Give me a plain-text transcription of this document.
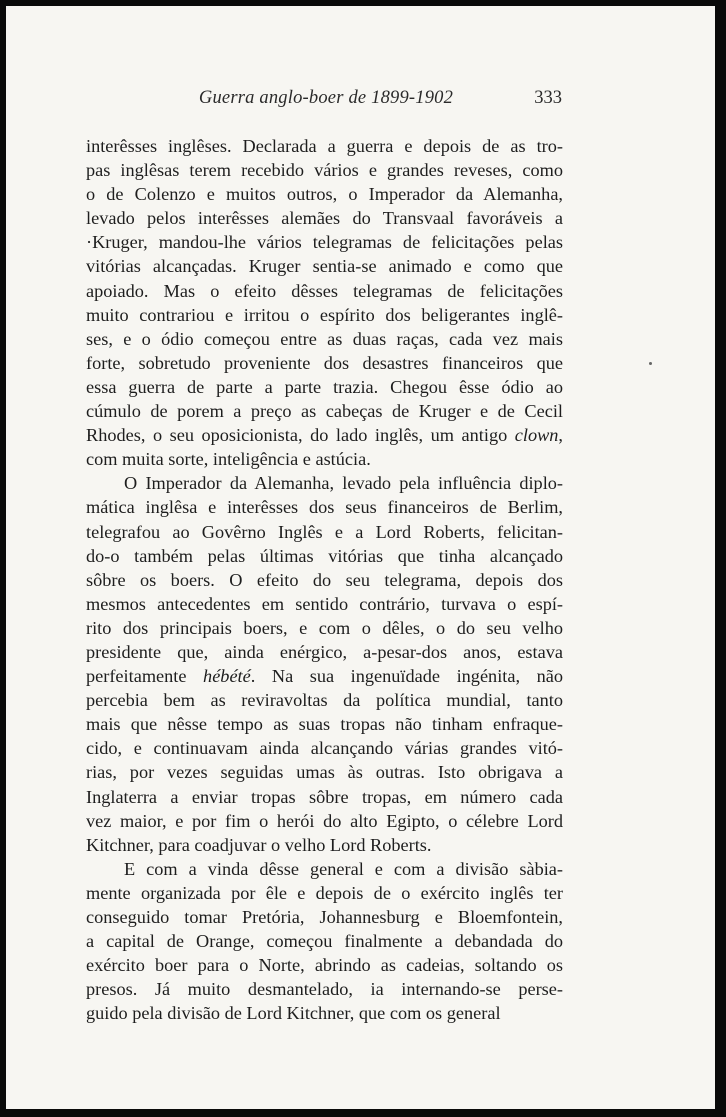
Guerra anglo-boer de 1899-1902	333
interêsses inglêses. Declarada a guerra e depois de as tro-
pas inglêsas terem recebido vários e grandes reveses, como
o de Colenzo e muitos outros, o Imperador da Alemanha,
levado pelos interêsses alemães do Transvaal favoráveis a
·Kruger, mandou-lhe vários telegramas de felicitações pelas
vitórias alcançadas. Kruger sentia-se animado e como que
apoiado. Mas o efeito dêsses telegramas de felicitações
muito contrariou e irritou o espírito dos beligerantes inglê-
ses, e o ódio começou entre as duas raças, cada vez mais
forte, sobretudo proveniente dos desastres financeiros que
essa guerra de parte a parte trazia. Chegou êsse ódio ao
cúmulo de porem a preço as cabeças de Kruger e de Cecil
Rhodes, o seu oposicionista, do lado inglês, um antigo clown,
com muita sorte, inteligência e astúcia.
O Imperador da Alemanha, levado pela influência diplo-
mática inglêsa e interêsses dos seus financeiros de Berlim,
telegrafou ao Govêrno Inglês e a Lord Roberts, felicitan-
do-o também pelas últimas vitórias que tinha alcançado
sôbre os boers. O efeito do seu telegrama, depois dos
mesmos antecedentes em sentido contrário, turvava o espí-
rito dos principais boers, e com o dêles, o do seu velho
presidente que, ainda enérgico, a-pesar-dos anos, estava
perfeitamente hébété. Na sua ingenuïdade ingénita, não
percebia bem as reviravoltas da política mundial, tanto
mais que nêsse tempo as suas tropas não tinham enfraque-
cido, e continuavam ainda alcançando várias grandes vitó-
rias, por vezes seguidas umas às outras. Isto obrigava a
Inglaterra a enviar tropas sôbre tropas, em número cada
vez maior, e por fim o herói do alto Egipto, o célebre Lord
Kitchner, para coadjuvar o velho Lord Roberts.
E com a vinda dêsse general e com a divisão sàbia-
mente organizada por êle e depois de o exército inglês ter
conseguido tomar Pretória, Johannesburg e Bloemfontein,
a capital de Orange, começou finalmente a debandada do
exército boer para o Norte, abrindo as cadeias, soltando os
presos. Já muito desmantelado, ia internando-se perse-
guido pela divisão de Lord Kitchner, que com os general
